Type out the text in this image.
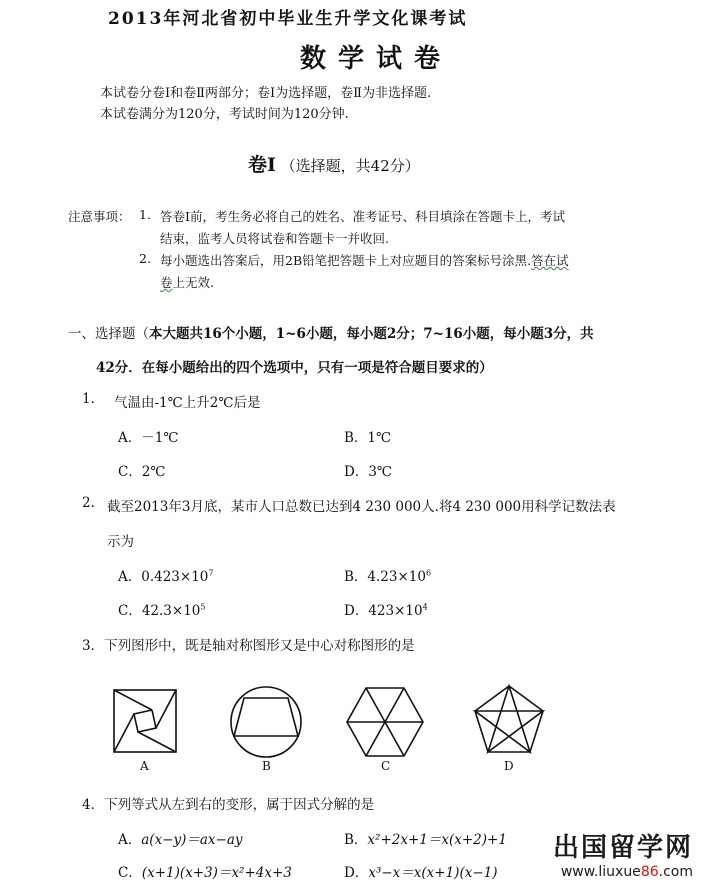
2013年河北省初中毕业生升学文化课考试
数学试卷
本试卷分卷Ⅰ和卷Ⅱ两部分；卷Ⅰ为选择题，卷Ⅱ为非选择题.
本试卷满分为120分，考试时间为120分钟.
卷Ⅰ （选择题，共42分）
注意事项： 1. 答卷Ⅰ前，考生务必将自己的姓名、准考证号、科目填涂在答题卡上，考试
结束，监考人员将试卷和答题卡一并收回.
2. 每小题选出答案后，用2B铅笔把答题卡上对应题目的答案标号涂黑.答在试
卷上无效.
一、选择题（本大题共16个小题，1~6小题，每小题2分；7~16小题，每小题3分，共
42分．在每小题给出的四个选项中，只有一项是符合题目要求的）
1. 气温由-1℃上升2℃后是
A．－1℃	B．1℃
C．2℃	D．3℃
2. 截至2013年3月底，某市人口总数已达到4 230 000人.将4 230 000用科学记数法表
示为
A．$0.423\times 10^7$	B．$4.23\times 10^6$
C．$42.3\times 10^5$	D．$423\times 10^4$
3．下列图形中，既是轴对称图形又是中心对称图形的是
A	B	C	D
4．下列等式从左到右的变形，属于因式分解的是
A．a(x−y)＝ax−ay	B．x²+2x+1＝x(x+2)+1
C．(x+1)(x+3)＝x²+4x+3	D．x³−x＝x(x+1)(x−1)
出国留学网
www.liuxue86.com
